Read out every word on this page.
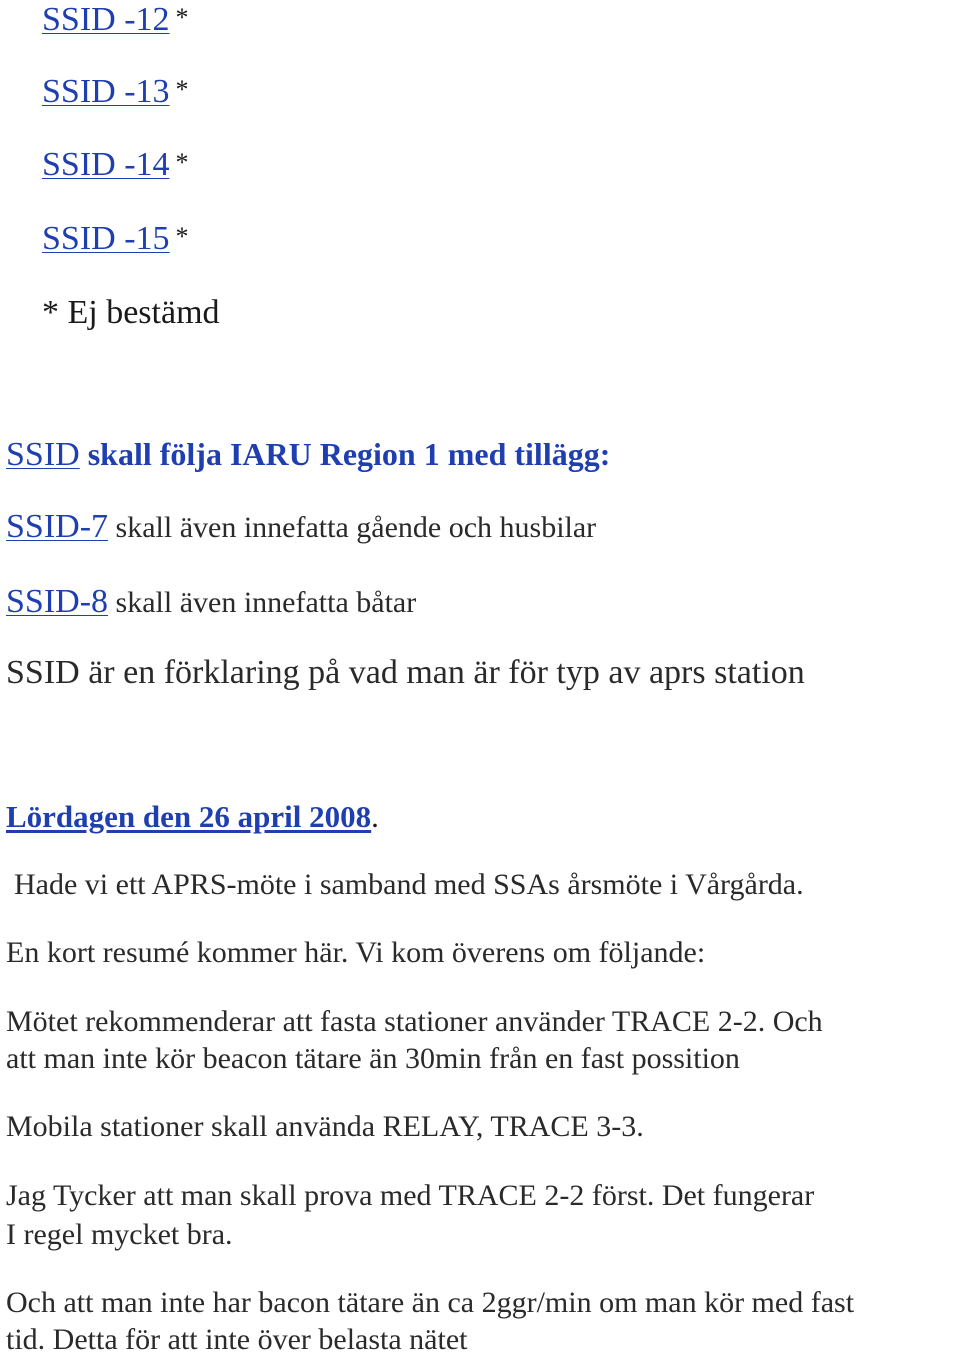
SSID -12 *
SSID -13 *
SSID -14 *
SSID -15 *
* Ej bestämd
SSID skall följa IARU Region 1 med tillägg:
SSID-7 skall även innefatta gående och husbilar
SSID-8 skall även innefatta båtar
SSID är en förklaring på vad man är för typ av aprs station
Lördagen den 26 april 2008.
Hade vi ett APRS-möte i samband med SSAs årsmöte i Vårgårda.
En kort resumé kommer här. Vi kom överens om följande:
Mötet rekommenderar att fasta stationer använder TRACE 2-2. Och
att man inte kör beacon tätare än 30min från en fast possition
Mobila stationer skall använda RELAY, TRACE 3-3.
Jag Tycker att man skall prova med TRACE 2-2 först. Det fungerar
I regel mycket bra.
Och att man inte har bacon tätare än ca 2ggr/min om man kör med fast
tid. Detta för att inte över belasta nätet
